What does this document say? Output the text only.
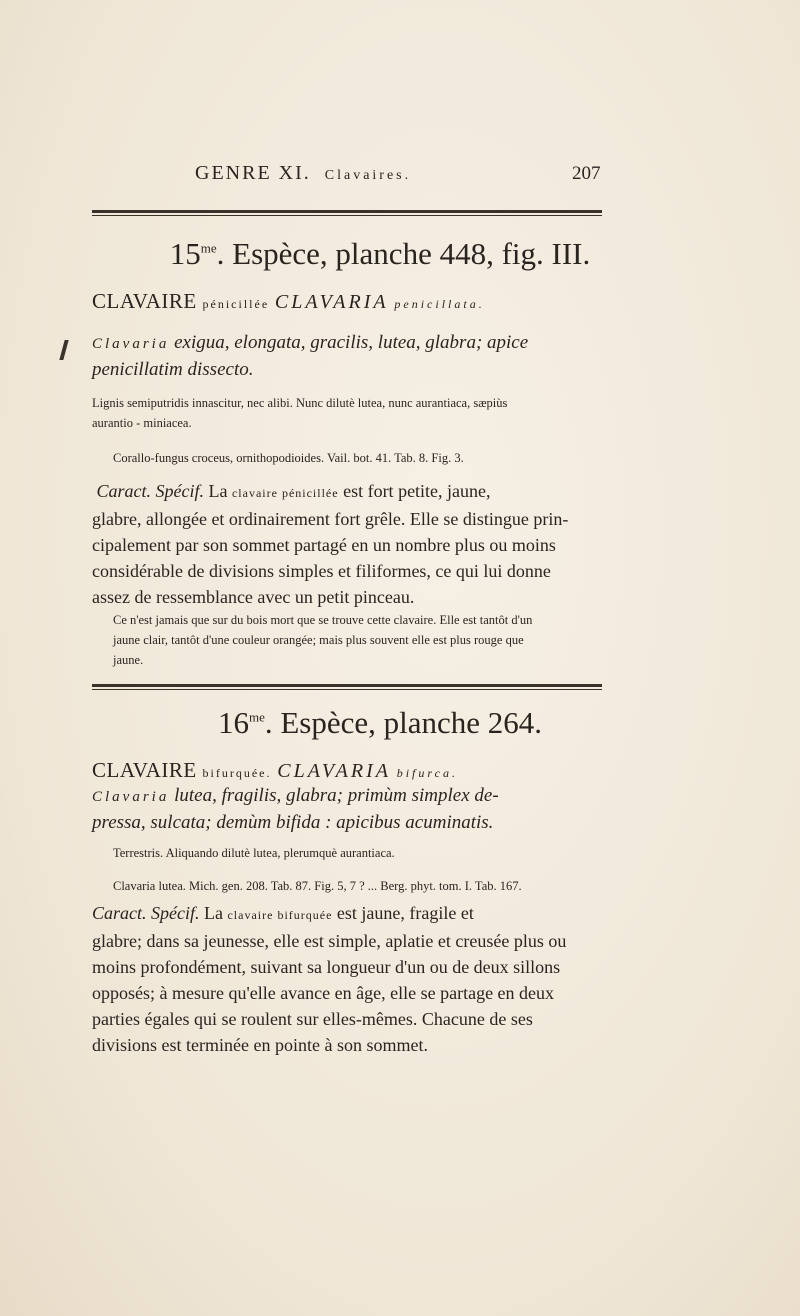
GENRE XI. Clavaires.	207
$15^{me}$. Espèce, planche 448, fig. III.
CLAVAIRE pénicillée CLAVARIA penicillata.
Clavaria exigua, elongata, gracilis, lutea, glabra; apice
penicillatim dissecto.
Lignis semiputridis innascitur, nec alibi. Nunc dilutè lutea, nunc aurantiaca, sæpiùs
aurantio - miniacea.
Corallo-fungus croceus, ornithopodioides. Vail. bot. 41. Tab. 8. Fig. 3.
Caract. Spécif. La clavaire pénicillée est fort petite, jaune,
glabre, allongée et ordinairement fort grêle. Elle se distingue prin-
cipalement par son sommet partagé en un nombre plus ou moins
considérable de divisions simples et filiformes, ce qui lui donne
assez de ressemblance avec un petit pinceau.
Ce n'est jamais que sur du bois mort que se trouve cette clavaire. Elle est tantôt d'un
jaune clair, tantôt d'une couleur orangée; mais plus souvent elle est plus rouge que
jaune.
$16^{me}$. Espèce, planche 264.
CLAVAIRE bifurquée. CLAVARIA bifurca.
Clavaria lutea, fragilis, glabra; primùm simplex de-
pressa, sulcata; demùm bifida : apicibus acuminatis.
Terrestris. Aliquando dilutè lutea, plerumquè aurantiaca.
Clavaria lutea. Mich. gen. 208. Tab. 87. Fig. 5, 7 ? ... Berg. phyt. tom. I. Tab. 167.
Caract. Spécif. La clavaire bifurquée est jaune, fragile et
glabre; dans sa jeunesse, elle est simple, aplatie et creusée plus ou
moins profondément, suivant sa longueur d'un ou de deux sillons
opposés; à mesure qu'elle avance en âge, elle se partage en deux
parties égales qui se roulent sur elles-mêmes. Chacune de ses
divisions est terminée en pointe à son sommet.
